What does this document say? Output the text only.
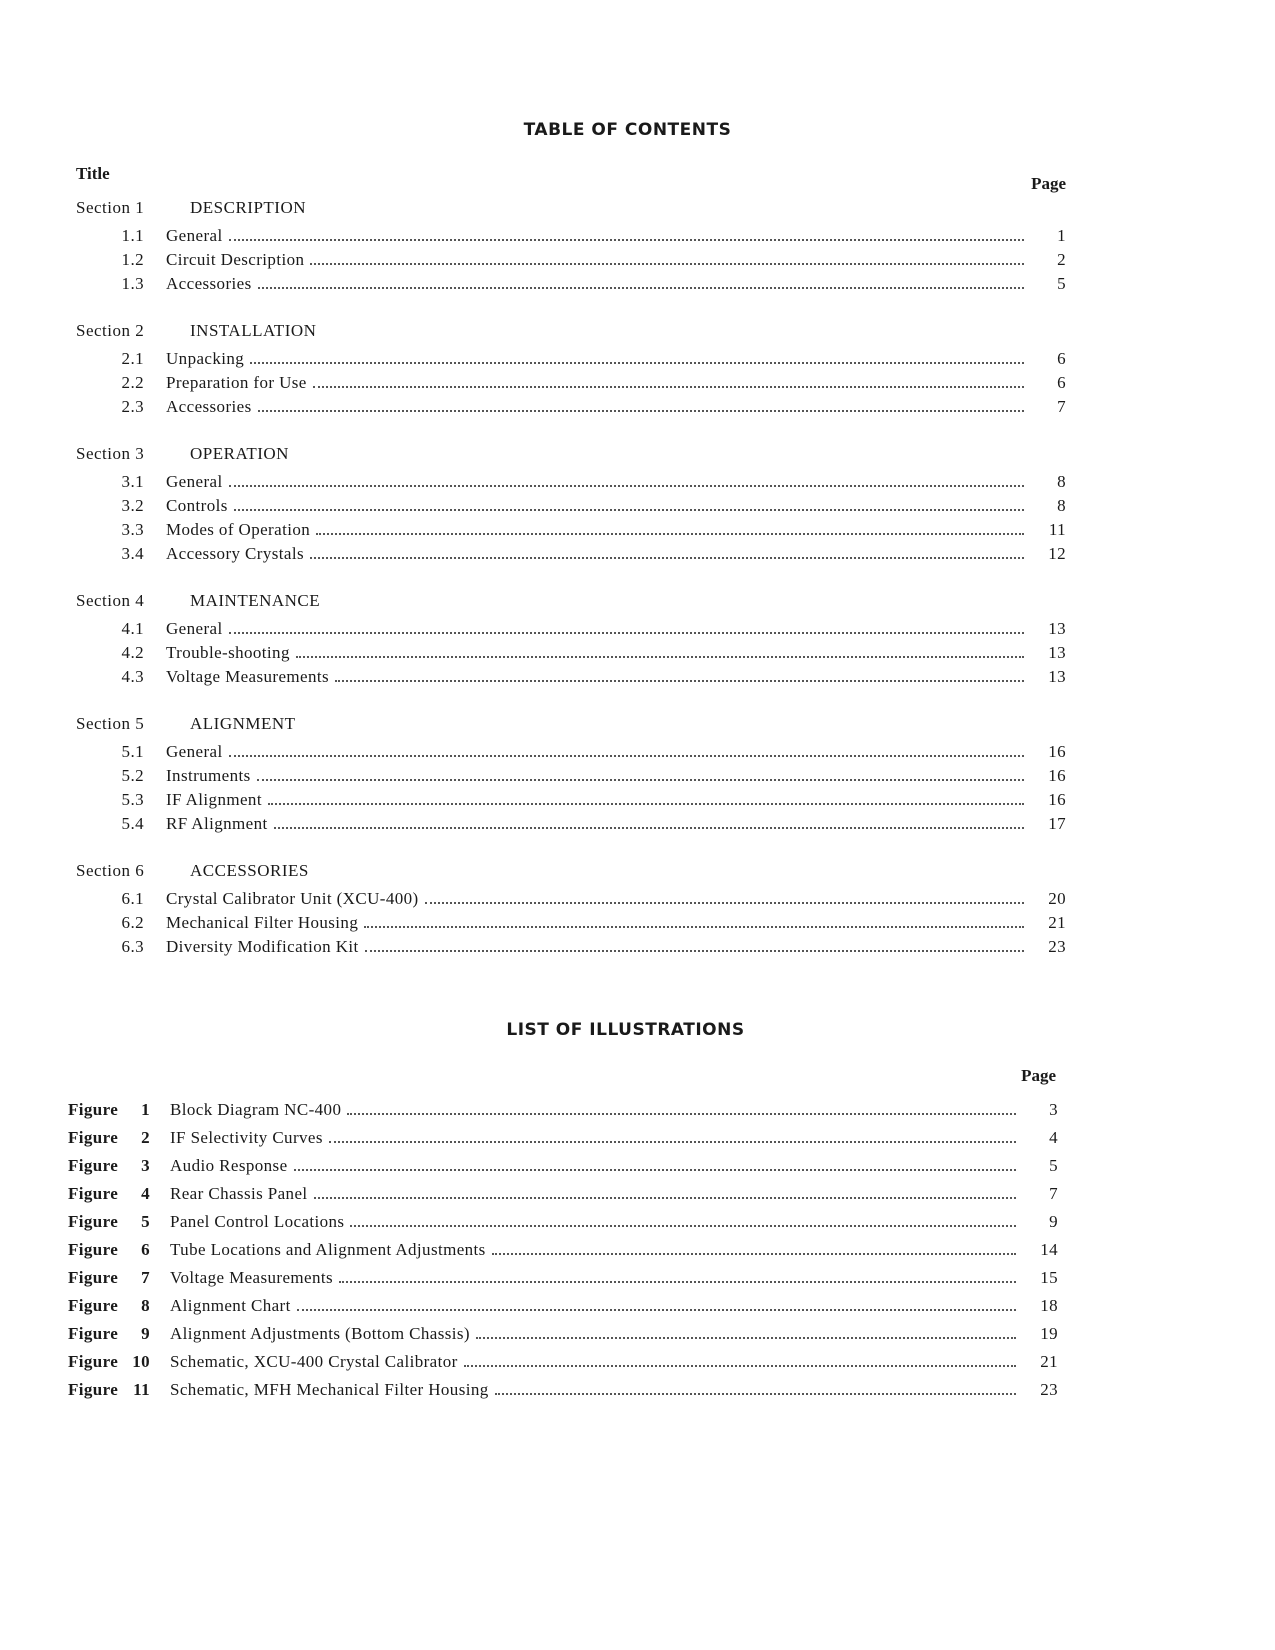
TABLE OF CONTENTS
Title
Page
Section 1	DESCRIPTION
1.1	General	1
1.2	Circuit Description	2
1.3	Accessories	5
Section 2	INSTALLATION
2.1	Unpacking	6
2.2	Preparation for Use	6
2.3	Accessories	7
Section 3	OPERATION
3.1	General	8
3.2	Controls	8
3.3	Modes of Operation	11
3.4	Accessory Crystals	12
Section 4	MAINTENANCE
4.1	General	13
4.2	Trouble-shooting	13
4.3	Voltage Measurements	13
Section 5	ALIGNMENT
5.1	General	16
5.2	Instruments	16
5.3	IF Alignment	16
5.4	RF Alignment	17
Section 6	ACCESSORIES
6.1	Crystal Calibrator Unit (XCU-400)	20
6.2	Mechanical Filter Housing	21
6.3	Diversity Modification Kit	23
LIST OF ILLUSTRATIONS
Page
Figure	1 Block Diagram NC-400	3
Figure	2 IF Selectivity Curves	4
Figure	3 Audio Response	5
Figure	4 Rear Chassis Panel	7
Figure	5 Panel Control Locations	9
Figure	6 Tube Locations and Alignment Adjustments	14
Figure	7 Voltage Measurements	15
Figure	8 Alignment Chart	18
Figure	9 Alignment Adjustments (Bottom Chassis)	19
Figure 10 Schematic, XCU-400 Crystal Calibrator	21
Figure 11 Schematic, MFH Mechanical Filter Housing	23
